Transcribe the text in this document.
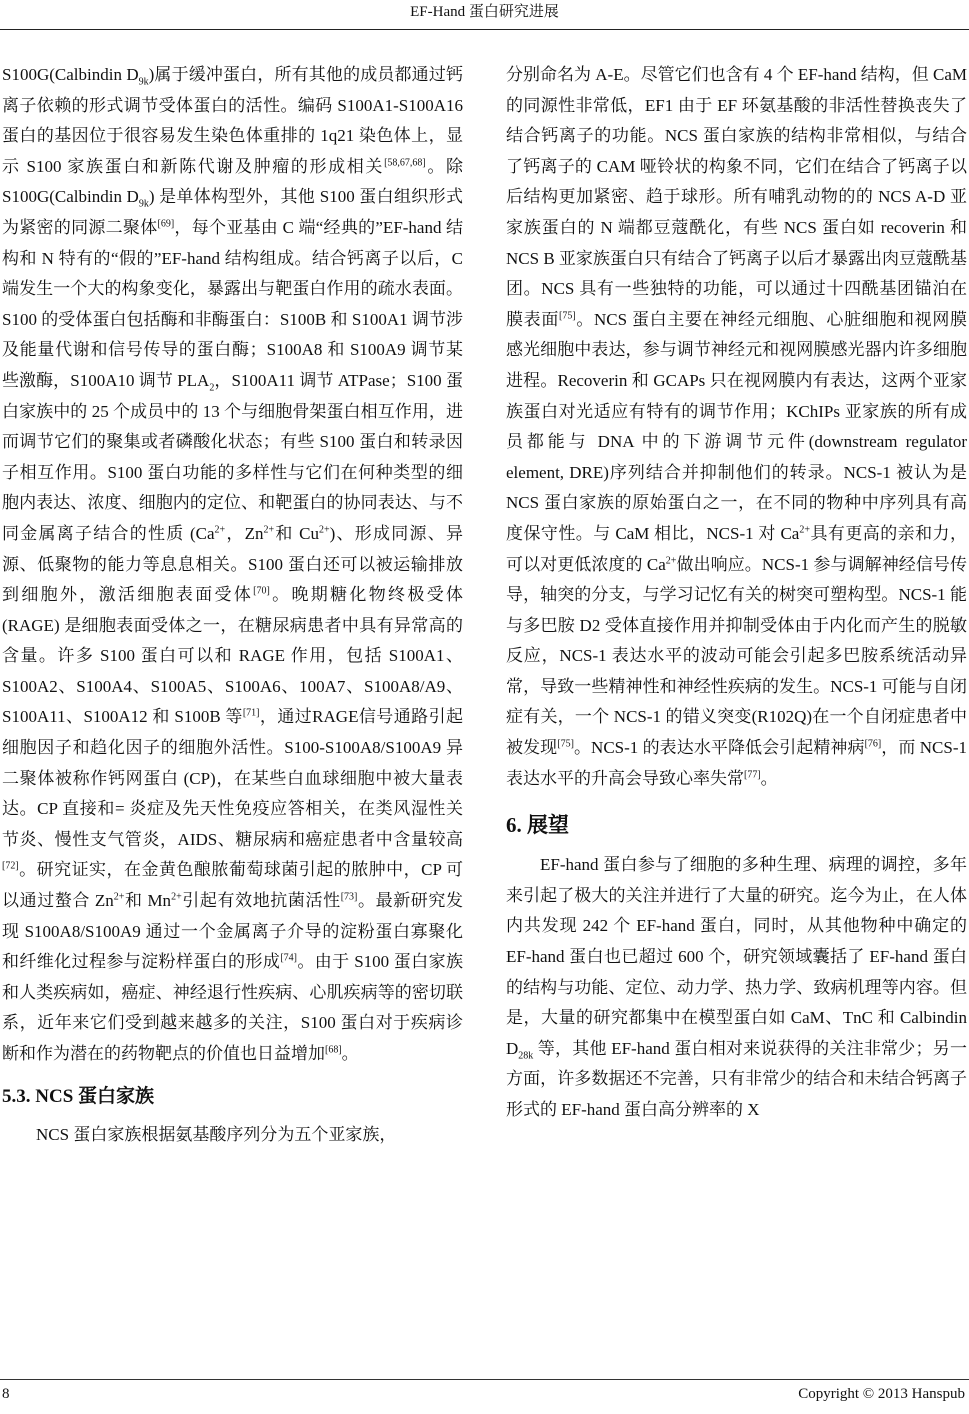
EF-Hand 蛋白研究进展

S100G(Calbindin $D_{9k}$)属于缓冲蛋白，所有其他的成员都通过钙离子依赖的形式调节受体蛋白的活性。编码 S100A1-S100A16 蛋白的基因位于很容易发生染色体重排的 1q21 染色体上，显示 S100 家族蛋白和新陈代谢及肿瘤的形成相关[58,67,68]。除 S100G(Calbindin $D_{9k}$) 是单体构型外，其他 S100 蛋白组织形式为紧密的同源二聚体[69]，每个亚基由 C 端“经典的”EF-hand 结构和 N 特有的“假的”EF-hand 结构组成。结合钙离子以后，C 端发生一个大的构象变化，暴露出与靶蛋白作用的疏水表面。S100 的受体蛋白包括酶和非酶蛋白：S100B 和 S100A1 调节涉及能量代谢和信号传导的蛋白酶；S100A8 和 S100A9 调节某些激酶，S100A10 调节 $PLA_2$，S100A11 调节 ATPase；S100 蛋白家族中的 25 个成员中的 13 个与细胞骨架蛋白相互作用，进而调节它们的聚集或者磷酸化状态；有些 S100 蛋白和转录因子相互作用。S100 蛋白功能的多样性与它们在何种类型的细胞内表达、浓度、细胞内的定位、和靶蛋白的协同表达、与不同金属离子结合的性质 ($Ca^{2+}$，$Zn^{2+}$和 $Cu^{2+}$)、形成同源、异源、低聚物的能力等息息相关。S100 蛋白还可以被运输排放到细胞外，激活细胞表面受体[70]。晚期糖化物终极受体(RAGE) 是细胞表面受体之一，在糖尿病患者中具有异常高的含量。许多 S100 蛋白可以和 RAGE 作用，包括 S100A1、S100A2、S100A4、S100A5、S100A6、100A7、S100A8/A9、S100A11、S100A12 和 S100B 等[71]，通过RAGE信号通路引起细胞因子和趋化因子的细胞外活性。S100-S100A8/S100A9 异二聚体被称作钙网蛋白 (CP)，在某些白血球细胞中被大量表达。CP 直接和= 炎症及先天性免疫应答相关，在类风湿性关节炎、慢性支气管炎，AIDS、糖尿病和癌症患者中含量较高[72]。研究证实，在金黄色酿脓葡萄球菌引起的脓肿中，CP 可以通过螯合 $Zn^{2+}$和 $Mn^{2+}$引起有效地抗菌活性[73]。最新研究发现 S100A8/S100A9 通过一个金属离子介导的淀粉蛋白寡聚化和纤维化过程参与淀粉样蛋白的形成[74]。由于 S100 蛋白家族和人类疾病如，癌症、神经退行性疾病、心肌疾病等的密切联系，近年来它们受到越来越多的关注，S100 蛋白对于疾病诊断和作为潜在的药物靶点的价值也日益增加[68]。

5.3. NCS 蛋白家族

NCS 蛋白家族根据氨基酸序列分为五个亚家族，

分别命名为 A-E。尽管它们也含有 4 个 EF-hand 结构，但 CaM 的同源性非常低，EF1 由于 EF 环氨基酸的非活性替换丧失了结合钙离子的功能。NCS 蛋白家族的结构非常相似，与结合了钙离子的 CAM 哑铃状的构象不同，它们在结合了钙离子以后结构更加紧密、趋于球形。所有哺乳动物的的 NCS A-D 亚家族蛋白的 N 端都豆蔻酰化，有些 NCS 蛋白如 recoverin 和 NCS B 亚家族蛋白只有结合了钙离子以后才暴露出肉豆蔻酰基团。NCS 具有一些独特的功能，可以通过十四酰基团锚泊在膜表面[75]。NCS 蛋白主要在神经元细胞、心脏细胞和视网膜感光细胞中表达，参与调节神经元和视网膜感光器内许多细胞进程。Recoverin 和 GCAPs 只在视网膜内有表达，这两个亚家族蛋白对光适应有特有的调节作用；KChIPs 亚家族的所有成员都能与 DNA 中的下游调节元件(downstream regulator element, DRE)序列结合并抑制他们的转录。NCS-1 被认为是 NCS 蛋白家族的原始蛋白之一，在不同的物种中序列具有高度保守性。与 CaM 相比，NCS-1 对 $Ca^{2+}$具有更高的亲和力，可以对更低浓度的 $Ca^{2+}$做出响应。NCS-1 参与调解神经信号传导，轴突的分支，与学习记忆有关的树突可塑构型。NCS-1 能与多巴胺 D2 受体直接作用并抑制受体由于内化而产生的脱敏反应，NCS-1 表达水平的波动可能会引起多巴胺系统活动异常，导致一些精神性和神经性疾病的发生。NCS-1 可能与自闭症有关，一个 NCS-1 的错义突变(R102Q)在一个自闭症患者中被发现[75]。NCS-1 的表达水平降低会引起精神病[76]，而 NCS-1 表达水平的升高会导致心率失常[77]。

6. 展望

EF-hand 蛋白参与了细胞的多种生理、病理的调控，多年来引起了极大的关注并进行了大量的研究。迄今为止，在人体内共发现 242 个 EF-hand 蛋白，同时，从其他物种中确定的 EF-hand 蛋白也已超过 600 个，研究领域囊括了 EF-hand 蛋白的结构与功能、定位、动力学、热力学、致病机理等内容。但是，大量的研究都集中在模型蛋白如 CaM、TnC 和 Calbindin $D_{28k}$ 等，其他 EF-hand 蛋白相对来说获得的关注非常少；另一方面，许多数据还不完善，只有非常少的结合和未结合钙离子形式的 EF-hand 蛋白高分辨率的 X

8	Copyright © 2013 Hanspub
